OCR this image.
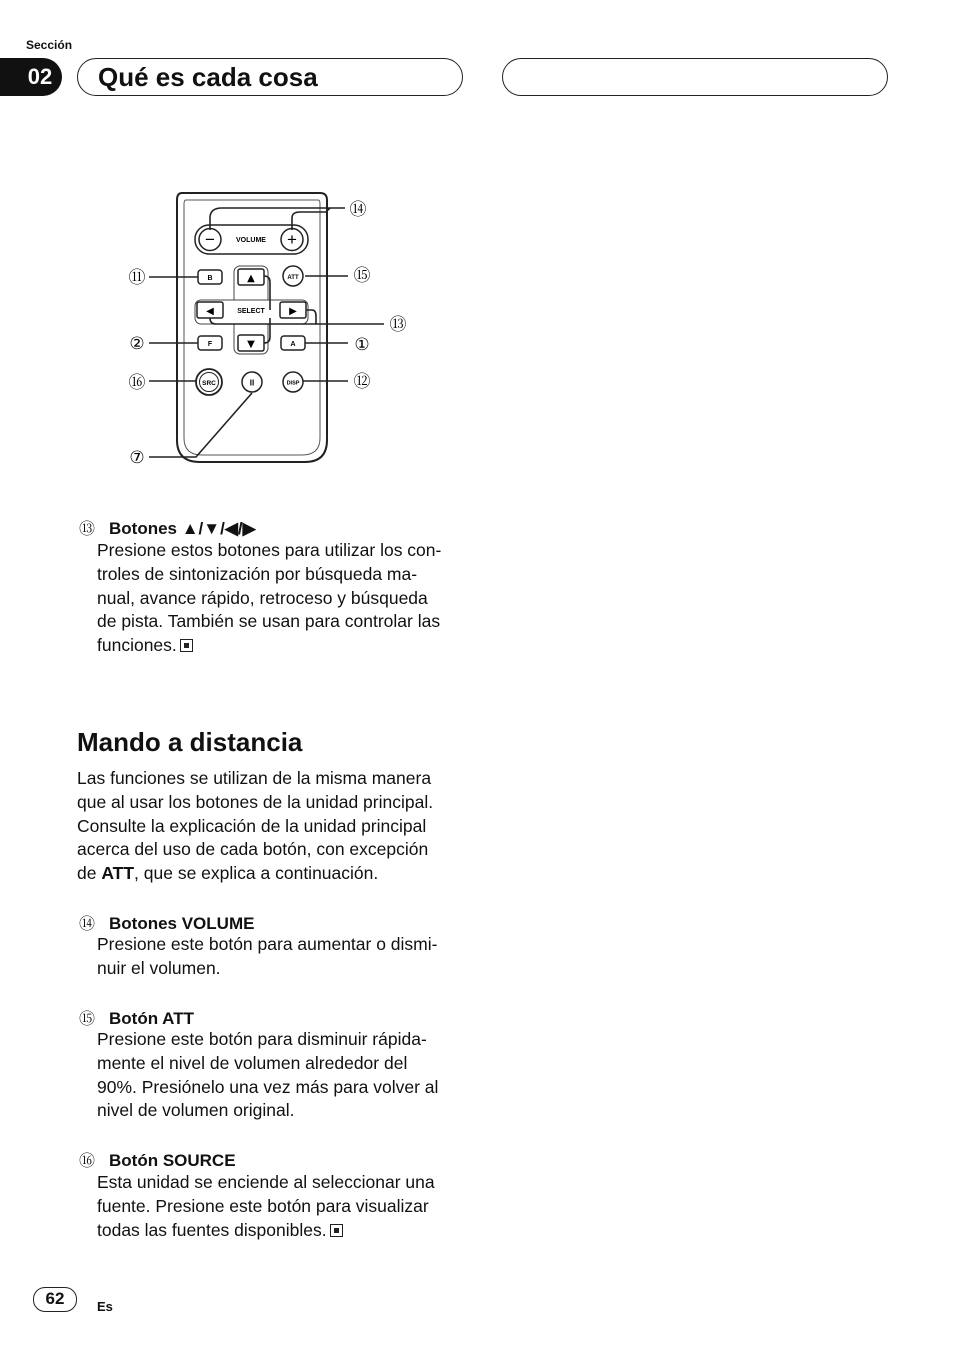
Sección
02	Qué es cada cosa
−	+
VOLUME
▲
▼
◀	▶
SELECT
B
F	A
ATT
SRC	II	DISP
⑭
⑪	⑮
⑬
②	①
⑯	⑫
⑦
⑬ Botones ▲/▼/◀/▶
Presione estos botones para utilizar los con-
troles de sintonización por búsqueda ma-
nual, avance rápido, retroceso y búsqueda
de pista. También se usan para controlar las
funciones.
Mando a distancia
Las funciones se utilizan de la misma manera
que al usar los botones de la unidad principal.
Consulte la explicación de la unidad principal
acerca del uso de cada botón, con excepción
de ATT, que se explica a continuación.
⑭ Botones VOLUME
Presione este botón para aumentar o dismi-
nuir el volumen.
⑮ Botón ATT
Presione este botón para disminuir rápida-
mente el nivel de volumen alrededor del
90%. Presiónelo una vez más para volver al
nivel de volumen original.
⑯ Botón SOURCE
Esta unidad se enciende al seleccionar una
fuente. Presione este botón para visualizar
todas las fuentes disponibles.
62	Es
